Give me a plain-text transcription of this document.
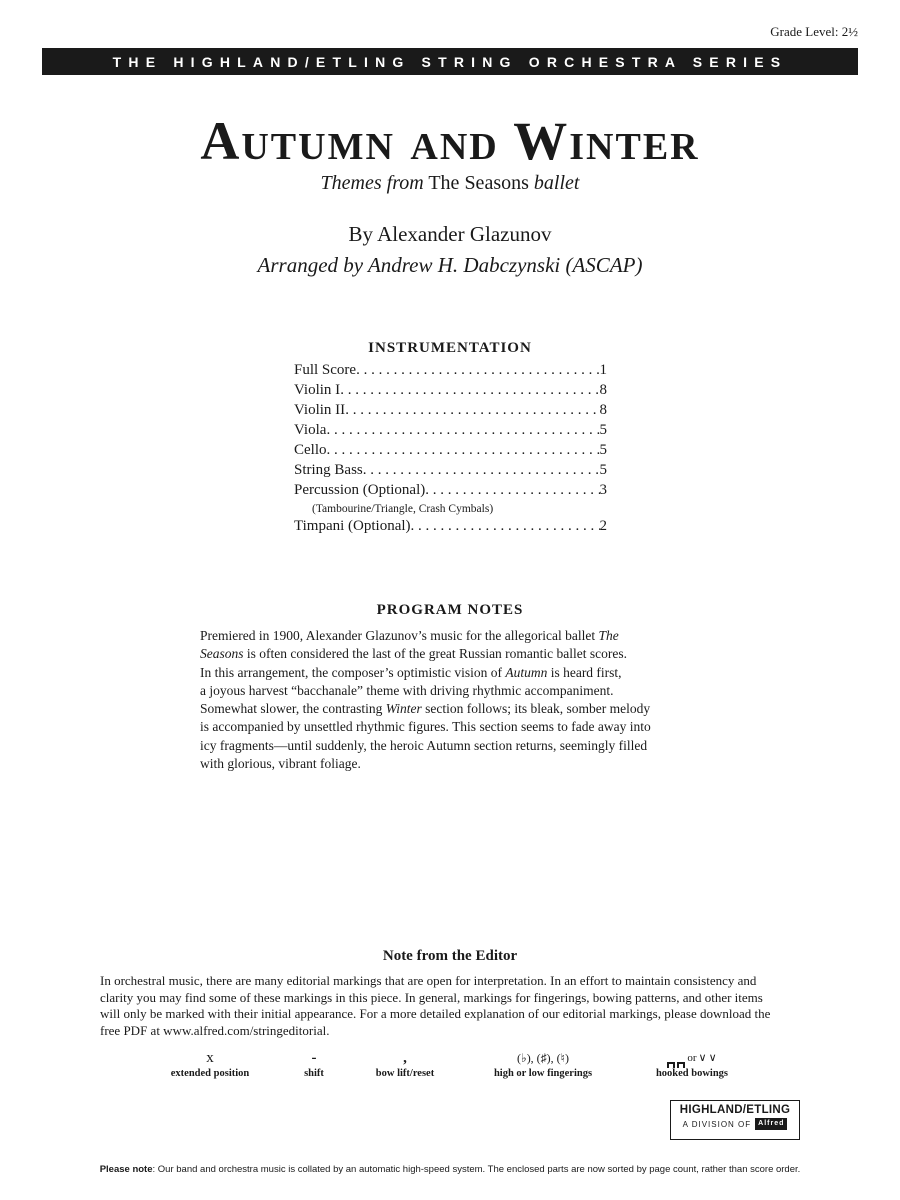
Grade Level: 2½
THE HIGHLAND/ETLING STRING ORCHESTRA SERIES
Autumn and Winter
Themes from The Seasons ballet
By Alexander Glazunov
Arranged by Andrew H. Dabczynski (ASCAP)
INSTRUMENTATION
Full Score . . .	1
Violin I . . .	8
Violin II . . .	8
Viola . . .	5
Cello . . .	5
String Bass . . .	5
Percussion (Optional) . . .	3
(Tambourine/Triangle, Crash Cymbals)
Timpani (Optional) . . .	2
PROGRAM NOTES
Premiered in 1900, Alexander Glazunov’s music for the allegorical ballet The
Seasons is often considered the last of the great Russian romantic ballet scores.
In this arrangement, the composer’s optimistic vision of Autumn is heard first,
a joyous harvest “bacchanale” theme with driving rhythmic accompaniment.
Somewhat slower, the contrasting Winter section follows; its bleak, somber melody
is accompanied by unsettled rhythmic figures. This section seems to fade away into
icy fragments—until suddenly, the heroic Autumn section returns, seemingly filled
with glorious, vibrant foliage.
Note from the Editor
In orchestral music, there are many editorial markings that are open for interpretation. In an effort to maintain consistency and
clarity you may find some of these markings in this piece. In general, markings for fingerings, bowing patterns, and other items
will only be marked with their initial appearance. For a more detailed explanation of our editorial markings, please download the
free PDF at www.alfred.com/stringeditorial.
x
extended position
-
shift
,
bow lift/reset
(♭), (♯), (♮)
high or low fingerings
or ∨ ∨
hooked bowings
HIGHLAND/ETLING
A DIVISION OF	Alfred
Please note: Our band and orchestra music is collated by an automatic high-speed system. The enclosed parts are now sorted by page count, rather than score order.
